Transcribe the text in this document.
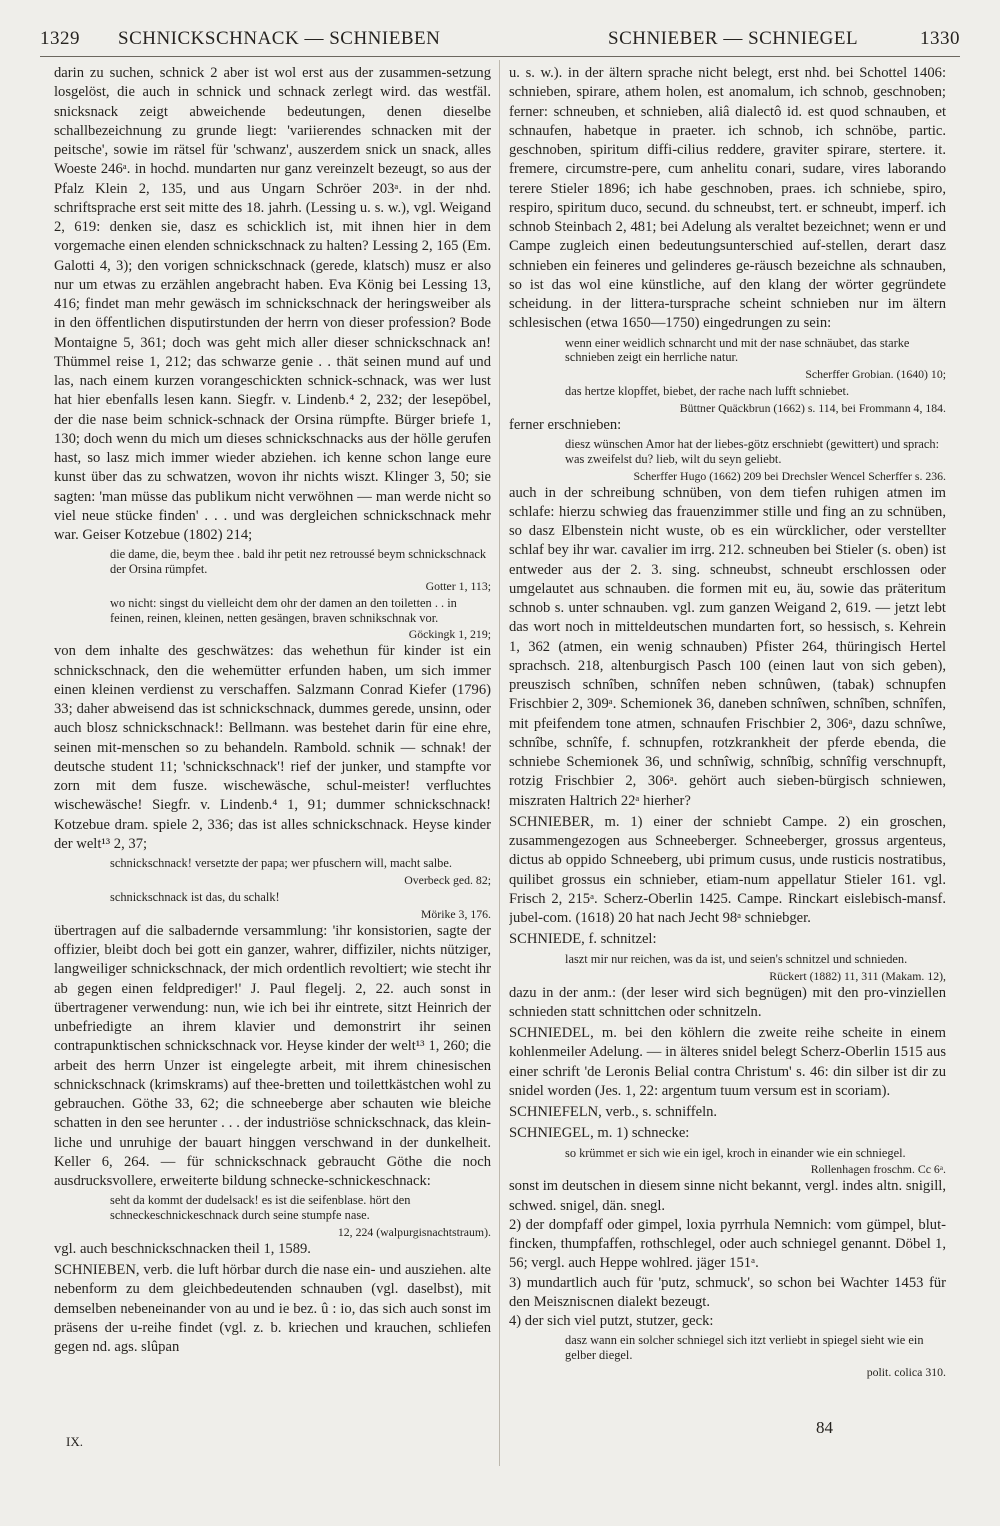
1329 SCHNICKSCHNACK — SCHNIEBEN	SCHNIEBER — SCHNIEGEL	1330

darin zu suchen, schnick 2 aber ist wol erst aus der zusammen-setzung losgelöst, die auch in schnick und schnack zerlegt wird. das westfäl. snicksnack zeigt abweichende bedeutungen, denen dieselbe schallbezeichnung zu grunde liegt: 'variierendes schnacken mit der peitsche', sowie im rätsel für 'schwanz', auszerdem snick un snack, alles Woeste 246ᵃ. in hochd. mundarten nur ganz vereinzelt bezeugt, so aus der Pfalz Klein 2, 135, und aus Ungarn Schröer 203ᵃ. in der nhd. schriftsprache erst seit mitte des 18. jahrh. (Lessing u. s. w.), vgl. Weigand 2, 619: denken sie, dasz es schicklich ist, mit ihnen hier in dem vorgemache einen elenden schnickschnack zu halten? Lessing 2, 165 (Em. Galotti 4, 3); den vorigen schnickschnack (gerede, klatsch) musz er also nur um etwas zu erzählen angebracht haben. Eva König bei Lessing 13, 416; findet man mehr gewäsch im schnickschnack der heringsweiber als in den öffentlichen disputirstunden der herrn von dieser profession? Bode Montaigne 5, 361; doch was geht mich aller dieser schnickschnack an! Thümmel reise 1, 212; das schwarze genie . . thät seinen mund auf und las, nach einem kurzen vorangeschickten schnick-schnack, was wer lust hat hier ebenfalls lesen kann. Siegfr. v. Lindenb.⁴ 2, 232; der lesepöbel, der die nase beim schnick-schnack der Orsina rümpfte. Bürger briefe 1, 130; doch wenn du mich um dieses schnickschnacks aus der hölle gerufen hast, so lasz mich immer wieder abziehen. ich kenne schon lange eure kunst über das zu schwatzen, wovon ihr nichts wiszt. Klinger 3, 50; sie sagten: 'man müsse das publikum nicht verwöhnen — man werde nicht so viel neue stücke finden' . . . und was dergleichen schnickschnack mehr war. Geiser Kotzebue (1802) 214;

die dame, die, beym thee . bald ihr petit nez retroussé beym schnickschnack der Orsina rümpfet.

Gotter 1, 113;

wo nicht: singst du vielleicht dem ohr der damen an den toiletten . . in feinen, reinen, kleinen, netten gesängen, braven schnikschnak vor.

Göckingk 1, 219;

von dem inhalte des geschwätzes: das wehethun für kinder ist ein schnickschnack, den die wehemütter erfunden haben, um sich immer einen kleinen verdienst zu verschaffen. Salzmann Conrad Kiefer (1796) 33; daher abweisend das ist schnickschnack, dummes gerede, unsinn, oder auch blosz schnickschnack!: Bellmann. was bestehet darin für eine ehre, seinen mit-menschen so zu behandeln. Rambold. schnik — schnak! der deutsche student 11; 'schnickschnack'! rief der junker, und stampfte vor zorn mit dem fusze. wischewäsche, schul-meister! verfluchtes wischewäsche! Siegfr. v. Lindenb.⁴ 1, 91; dummer schnickschnack! Kotzebue dram. spiele 2, 336; das ist alles schnickschnack. Heyse kinder der welt¹³ 2, 37;

schnickschnack! versetzte der papa; wer pfuschern will, macht salbe.

Overbeck ged. 82;

schnickschnack ist das, du schalk!

Mörike 3, 176.

übertragen auf die salbadernde versammlung: 'ihr konsistorien, sagte der offizier, bleibt doch bei gott ein ganzer, wahrer, diffiziler, nichts nütziger, langweiliger schnickschnack, der mich ordentlich revoltiert; wie stecht ihr ab gegen einen feldprediger!' J. Paul flegelj. 2, 22. auch sonst in übertragener verwendung: nun, wie ich bei ihr eintrete, sitzt Heinrich der unbefriedigte an ihrem klavier und demonstrirt ihr seinen contrapunktischen schnickschnack vor. Heyse kinder der welt¹³ 1, 260; die arbeit des herrn Unzer ist eingelegte arbeit, mit ihrem chinesischen schnickschnack (krimskrams) auf thee-bretten und toilettkästchen wohl zu gebrauchen. Göthe 33, 62; die schneeberge aber schauten wie bleiche schatten in den see herunter . . . der industriöse schnickschnack, das klein-liche und unruhige der bauart hinggen verschwand in der dunkelheit. Keller 6, 264. — für schnickschnack gebraucht Göthe die noch ausdrucksvollere, erweiterte bildung schnecke-schnickeschnack:

seht da kommt der dudelsack! es ist die seifenblase. hört den schneckeschnickeschnack durch seine stumpfe nase.

12, 224 (walpurgisnachtstraum).

vgl. auch beschnickschnacken theil 1, 1589.

SCHNIEBEN, verb. die luft hörbar durch die nase ein- und ausziehen. alte nebenform zu dem gleichbedeutenden schnauben (vgl. daselbst), mit demselben nebeneinander von au und ie bez. û : io, das sich auch sonst im präsens der u-reihe findet (vgl. z. b. kriechen und krauchen, schliefen gegen nd. ags. slûpan

u. s. w.). in der ältern sprache nicht belegt, erst nhd. bei Schottel 1406: schnieben, spirare, athem holen, est anomalum, ich schnob, geschnoben; ferner: schneuben, et schnieben, aliâ dialectô id. est quod schnauben, et schnaufen, habetque in praeter. ich schnob, ich schnöbe, partic. geschnoben, spiritum diffi-cilius reddere, graviter spirare, stertere. it. fremere, circumstre-pere, cum anhelitu conari, sudare, vires laborando terere Stieler 1896; ich habe geschnoben, praes. ich schniebe, spiro, respiro, spiritum duco, secund. du schneubst, tert. er schneubt, imperf. ich schnob Steinbach 2, 481; bei Adelung als veraltet bezeichnet; wenn er und Campe zugleich einen bedeutungsunterschied auf-stellen, derart dasz schnieben ein feineres und gelinderes ge-räusch bezeichne als schnauben, so ist das wol eine künstliche, auf den klang der wörter gegründete scheidung. in der littera-tursprache scheint schnieben nur im ältern schlesischen (etwa 1650—1750) eingedrungen zu sein:

wenn einer weidlich schnarcht und mit der nase schnäubet, das starke schnieben zeigt ein herrliche natur.

Scherffer Grobian. (1640) 10;

das hertze klopffet, biebet, der rache nach lufft schniebet.

Büttner Quäckbrun (1662) s. 114, bei Frommann 4, 184.

ferner erschnieben:

diesz wünschen Amor hat der liebes-götz erschniebt (gewittert) und sprach: was zweifelst du? lieb, wilt du seyn geliebt.

Scherffer Hugo (1662) 209 bei Drechsler Wencel Scherffer s. 236.

auch in der schreibung schnüben, von dem tiefen ruhigen atmen im schlafe: hierzu schwieg das frauenzimmer stille und fing an zu schnüben, so dasz Elbenstein nicht wuste, ob es ein würcklicher, oder verstellter schlaf bey ihr war. cavalier im irrg. 212. schneuben bei Stieler (s. oben) ist entweder aus der 2. 3. sing. schneubst, schneubt erschlossen oder umgelautet aus schnauben. die formen mit eu, äu, sowie das präteritum schnob s. unter schnauben. vgl. zum ganzen Weigand 2, 619. — jetzt lebt das wort noch in mitteldeutschen mundarten fort, so hessisch, s. Kehrein 1, 362 (atmen, ein wenig schnauben) Pfister 264, thüringisch Hertel sprachsch. 218, altenburgisch Pasch 100 (einen laut von sich geben), preuszisch schnîben, schnîfen neben schnûwen, (tabak) schnupfen Frischbier 2, 309ᵃ. Schemionek 36, daneben schnîwen, schnîben, schnîfen, mit pfeifendem tone atmen, schnaufen Frischbier 2, 306ᵃ, dazu schnîwe, schnîbe, schnîfe, f. schnupfen, rotzkrankheit der pferde ebenda, die schniebe Schemionek 36, und schnîwig, schnîbig, schnîfig verschnupft, rotzig Frischbier 2, 306ᵃ. gehört auch sieben-bürgisch schniewen, miszraten Haltrich 22ᵃ hierher?

SCHNIEBER, m. 1) einer der schniebt Campe. 2) ein groschen, zusammengezogen aus Schneeberger. Schneeberger, grossus argenteus, dictus ab oppido Schneeberg, ubi primum cusus, unde rusticis nostratibus, quilibet grossus ein schnieber, etiam-num appellatur Stieler 161. vgl. Frisch 2, 215ᵃ. Scherz-Oberlin 1425. Campe. Rinckart eislebisch-mansf. jubel-com. (1618) 20 hat nach Jecht 98ᵃ schniebger.

SCHNIEDE, f. schnitzel:

laszt mir nur reichen, was da ist, und seien's schnitzel und schnieden.

Rückert (1882) 11, 311 (Makam. 12),

dazu in der anm.: (der leser wird sich begnügen) mit den pro-vinziellen schnieden statt schnittchen oder schnitzeln.

SCHNIEDEL, m. bei den köhlern die zweite reihe scheite in einem kohlenmeiler Adelung. — in älteres snidel belegt Scherz-Oberlin 1515 aus einer schrift 'de Leronis Belial contra Christum' s. 46: din silber ist dir zu snidel worden (Jes. 1, 22: argentum tuum versum est in scoriam).

SCHNIEFELN, verb., s. schniffeln.

SCHNIEGEL, m. 1) schnecke:

so krümmet er sich wie ein igel, kroch in einander wie ein schniegel.

Rollenhagen froschm. Cc 6ᵃ.

sonst im deutschen in diesem sinne nicht bekannt, vergl. indes altn. snigill, schwed. snigel, dän. snegl.

2) der dompfaff oder gimpel, loxia pyrrhula Nemnich: vom gümpel, blut-fincken, thumpfaffen, rothschlegel, oder auch schniegel genannt. Döbel 1, 56; vergl. auch Heppe wohlred. jäger 151ᵃ.

3) mundartlich auch für 'putz, schmuck', so schon bei Wachter 1453 für den Meiszniscnen dialekt bezeugt.

4) der sich viel putzt, stutzer, geck:

dasz wann ein solcher schniegel sich itzt verliebt in spiegel sieht wie ein gelber diegel.

polit. colica 310.

IX.
84
